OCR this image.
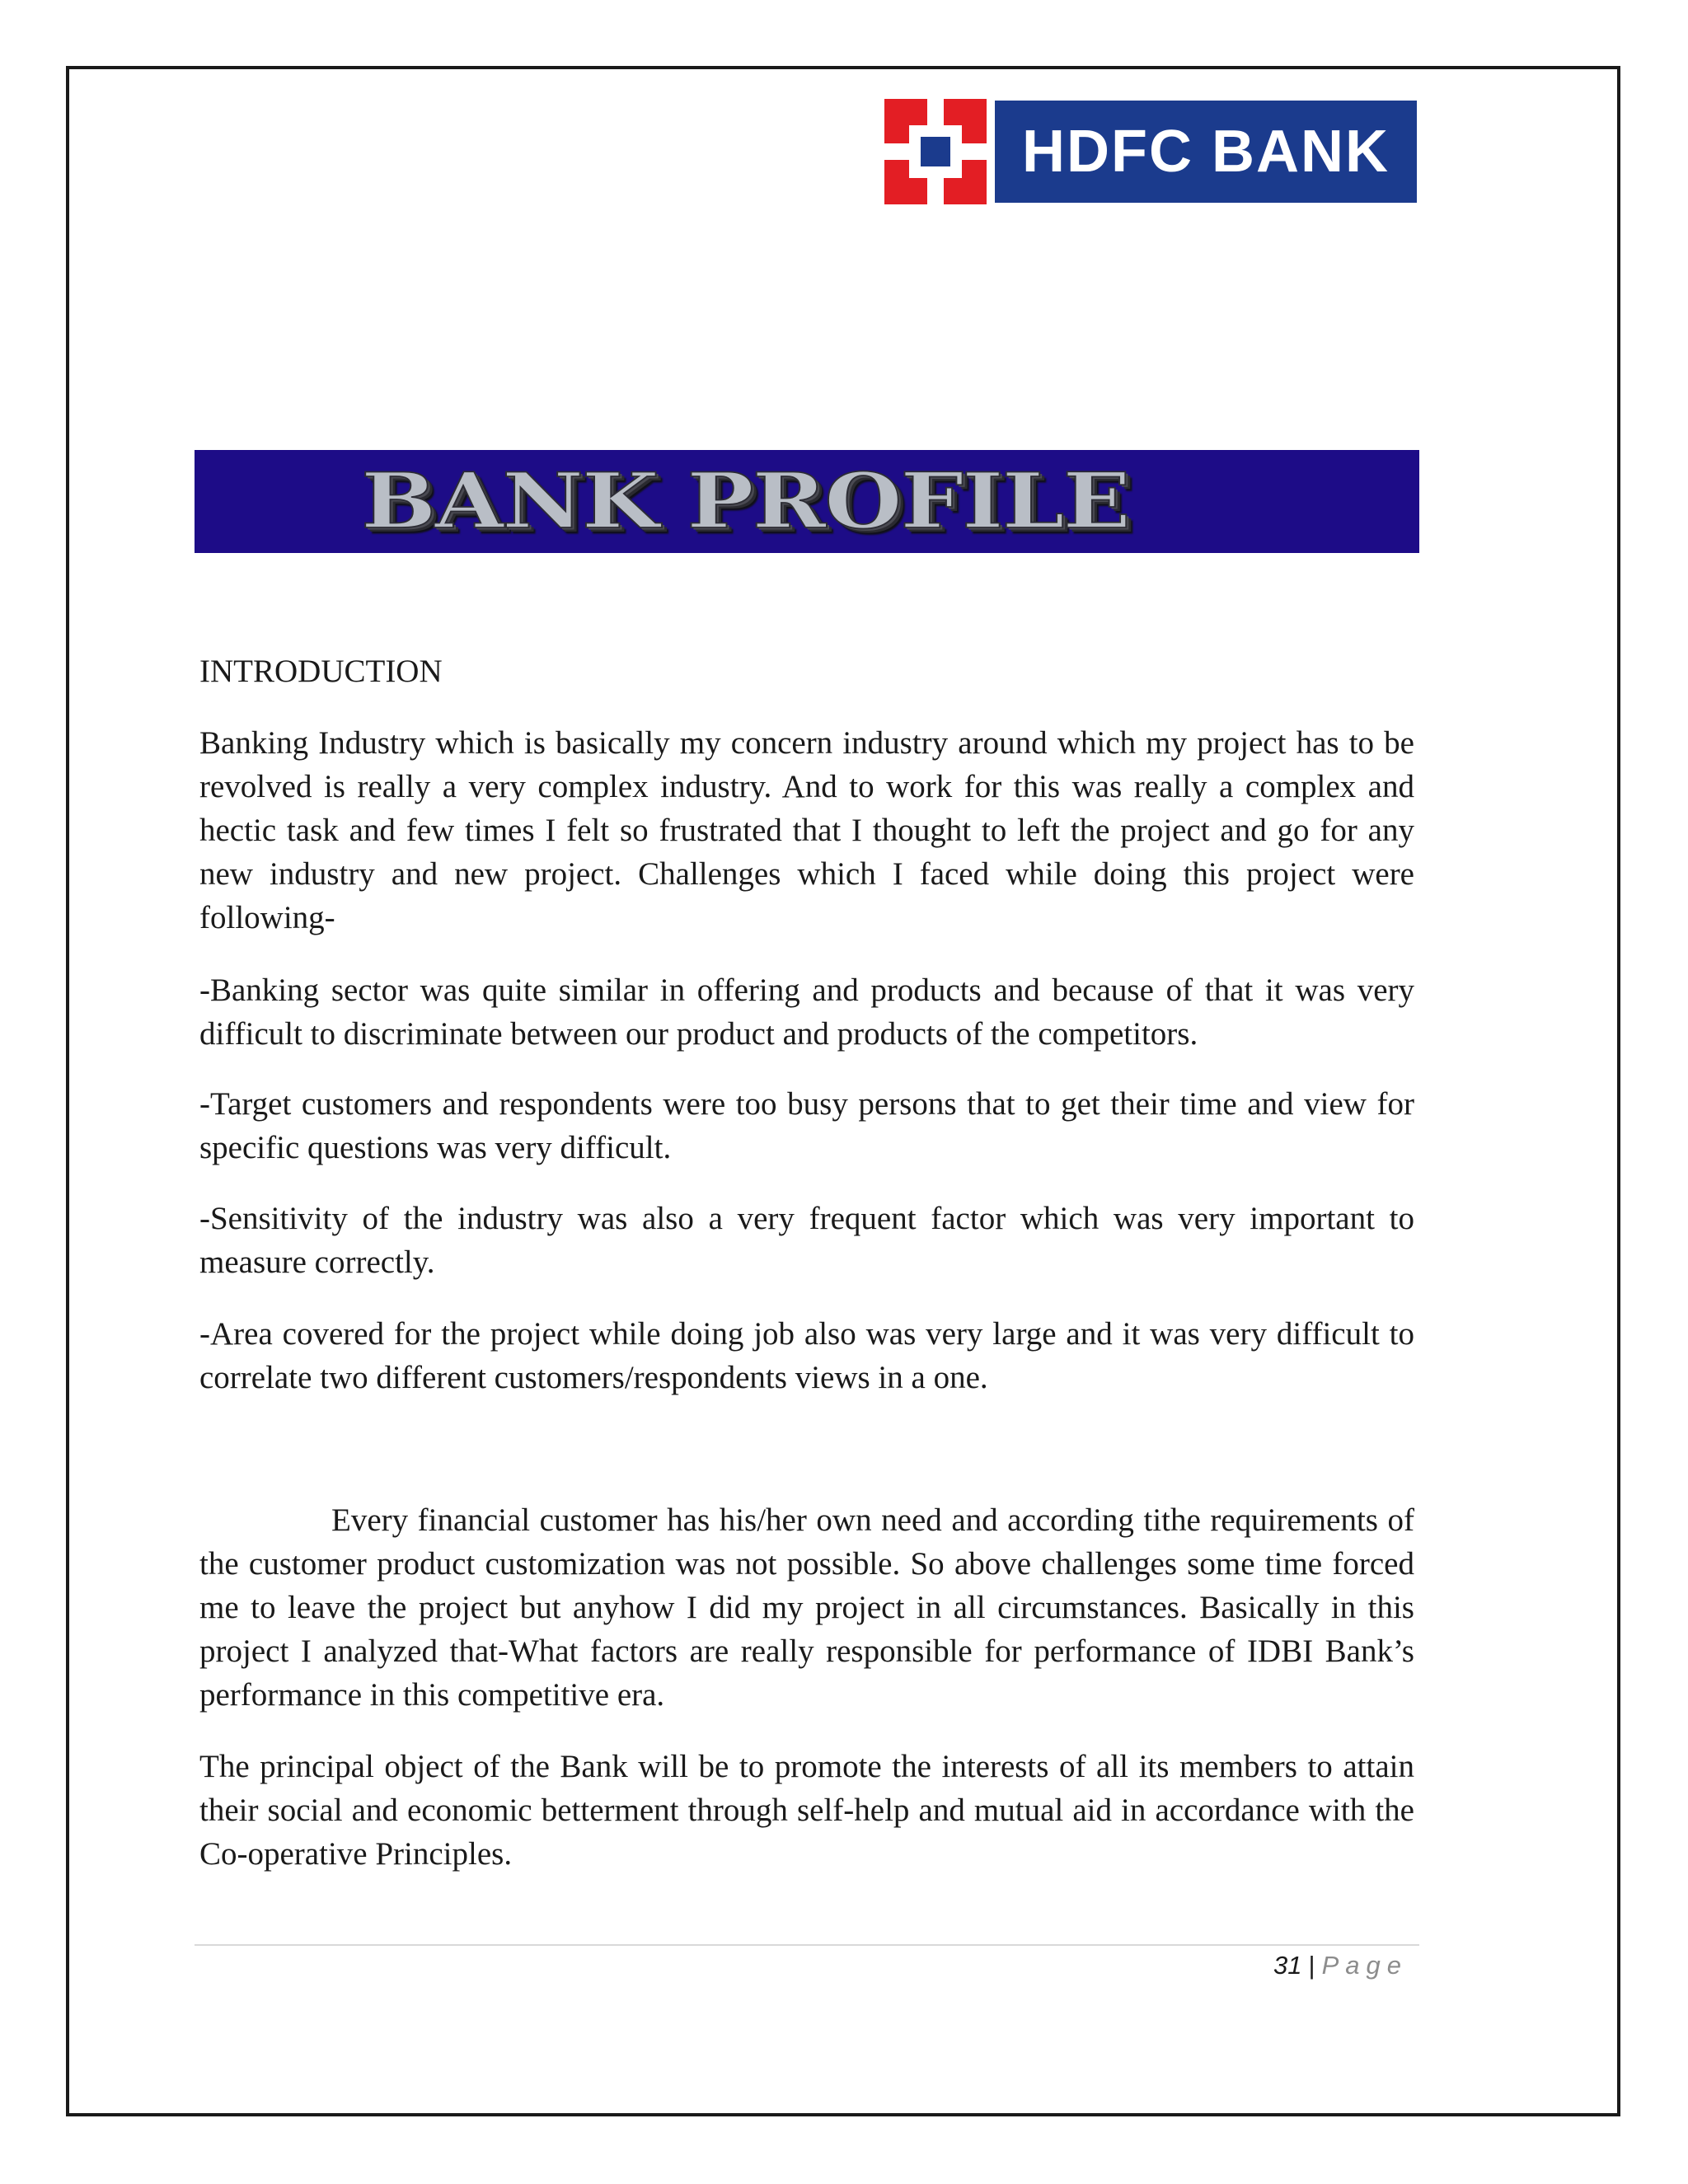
HDFC BANK
BANK PROFILE
INTRODUCTION

Banking Industry which is basically my concern industry around which my project has to be revolved is really a very complex industry. And to work for this was really a complex and hectic task and few times I felt so frustrated that I thought to left the project and go for any new industry and new project. Challenges which I faced while doing this project were following-

-Banking sector was quite similar in offering and products and because of that it was very difficult to discriminate between our product and products of the competitors.

-Target customers and respondents were too busy persons that to get their time and view for specific questions was very difficult.

-Sensitivity of the industry was also a very frequent factor which was very important to measure correctly.

-Area covered for the project while doing job also was very large and it was very difficult to correlate two different customers/respondents views in a one.

Every financial customer has his/her own need and according tithe requirements of the customer product customization was not possible. So above challenges some time forced me to leave the project but anyhow I did my project in all circumstances. Basically in this project I analyzed that-What factors are really responsible for performance of IDBI Bank’s performance in this competitive era.

The principal object of the Bank will be to promote the interests of all its members to attain their social and economic betterment through self-help and mutual aid in accordance with the Co-operative Principles.

31 | Page
